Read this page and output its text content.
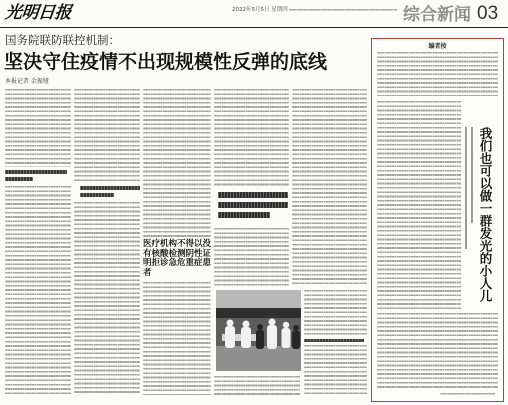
光明日报	2022年5月5日 星期四	综合新闻 03
国务院联防联控机制：
坚决守住疫情不出现规模性反弹的底线
本报记者 金振娅
医疗机构不得以没有核酸检测阴性证明拒诊急危重症患者
编者按
我们也可以做一群发光的小人儿
